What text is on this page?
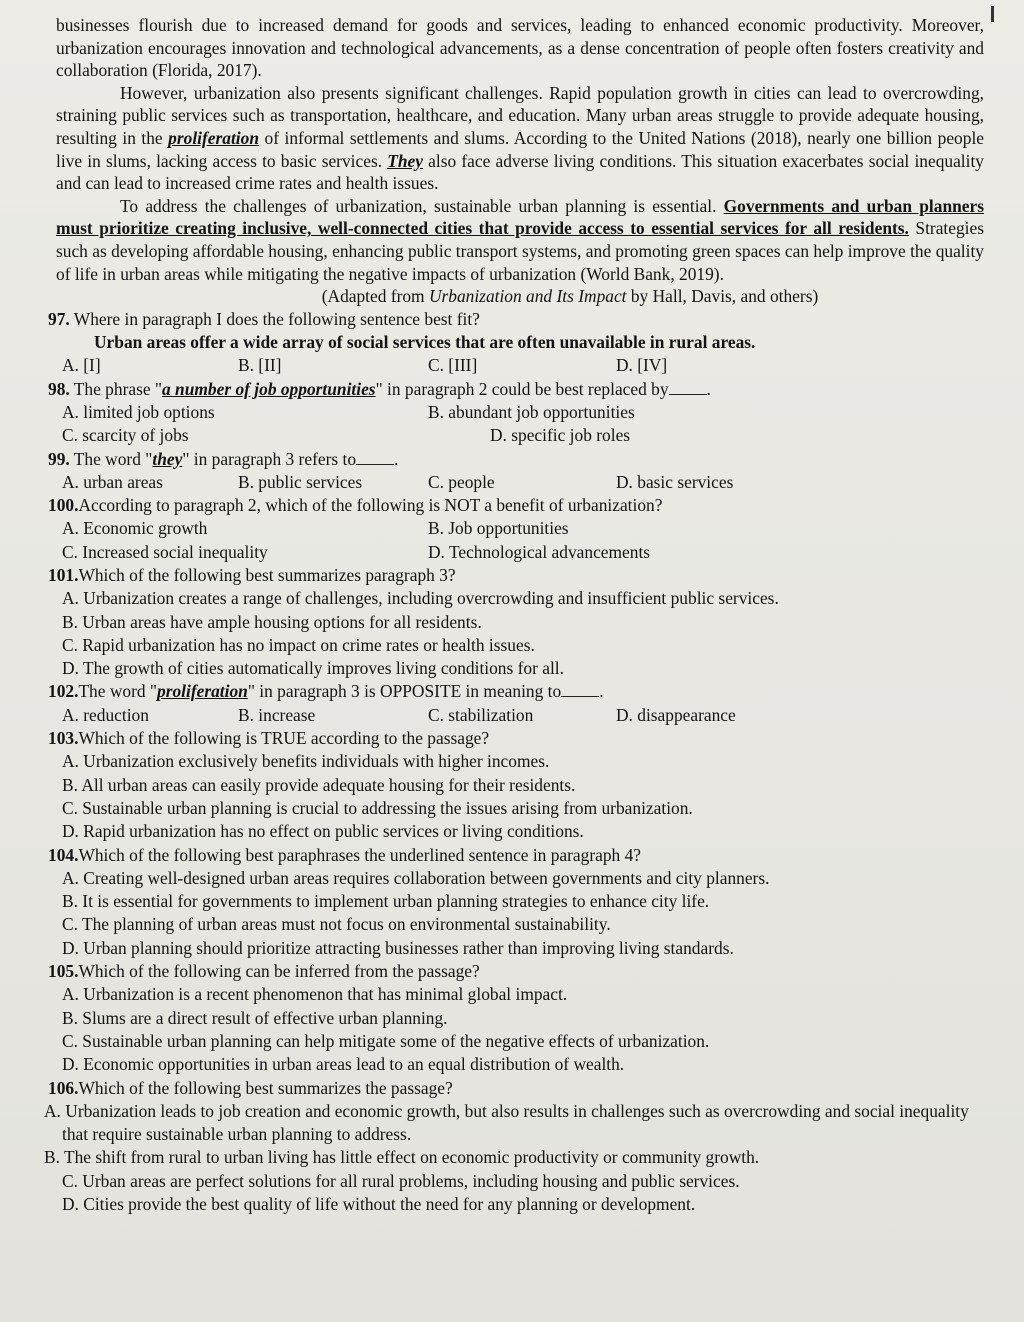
businesses flourish due to increased demand for goods and services, leading to enhanced economic productivity. Moreover, urbanization encourages innovation and technological advancements, as a dense concentration of people often fosters creativity and collaboration (Florida, 2017).

However, urbanization also presents significant challenges. Rapid population growth in cities can lead to overcrowding, straining public services such as transportation, healthcare, and education. Many urban areas struggle to provide adequate housing, resulting in the proliferation of informal settlements and slums. According to the United Nations (2018), nearly one billion people live in slums, lacking access to basic services. They also face adverse living conditions. This situation exacerbates social inequality and can lead to increased crime rates and health issues.

To address the challenges of urbanization, sustainable urban planning is essential. Governments and urban planners must prioritize creating inclusive, well-connected cities that provide access to essential services for all residents. Strategies such as developing affordable housing, enhancing public transport systems, and promoting green spaces can help improve the quality of life in urban areas while mitigating the negative impacts of urbanization (World Bank, 2019).

(Adapted from Urbanization and Its Impact by Hall, Davis, and others)

97. Where in paragraph I does the following sentence best fit?
Urban areas offer a wide array of social services that are often unavailable in rural areas.
A. [I]	B. [II]	C. [III]	D. [IV]
98. The phrase "a number of job opportunities" in paragraph 2 could be best replaced by .
A. limited job options	B. abundant job opportunities
C. scarcity of jobs	D. specific job roles
99. The word "they" in paragraph 3 refers to .
A. urban areas	B. public services	C. people	D. basic services
100.According to paragraph 2, which of the following is NOT a benefit of urbanization?
A. Economic growth	B. Job opportunities
C. Increased social inequality	D. Technological advancements
101.Which of the following best summarizes paragraph 3?
A. Urbanization creates a range of challenges, including overcrowding and insufficient public services.
B. Urban areas have ample housing options for all residents.
C. Rapid urbanization has no impact on crime rates or health issues.
D. The growth of cities automatically improves living conditions for all.
102.The word "proliferation" in paragraph 3 is OPPOSITE in meaning to .
A. reduction	B. increase	C. stabilization	D. disappearance
103.Which of the following is TRUE according to the passage?
A. Urbanization exclusively benefits individuals with higher incomes.
B. All urban areas can easily provide adequate housing for their residents.
C. Sustainable urban planning is crucial to addressing the issues arising from urbanization.
D. Rapid urbanization has no effect on public services or living conditions.
104.Which of the following best paraphrases the underlined sentence in paragraph 4?
A. Creating well-designed urban areas requires collaboration between governments and city planners.
B. It is essential for governments to implement urban planning strategies to enhance city life.
C. The planning of urban areas must not focus on environmental sustainability.
D. Urban planning should prioritize attracting businesses rather than improving living standards.
105.Which of the following can be inferred from the passage?
A. Urbanization is a recent phenomenon that has minimal global impact.
B. Slums are a direct result of effective urban planning.
C. Sustainable urban planning can help mitigate some of the negative effects of urbanization.
D. Economic opportunities in urban areas lead to an equal distribution of wealth.
106.Which of the following best summarizes the passage?
A. Urbanization leads to job creation and economic growth, but also results in challenges such as overcrowding and social inequality that require sustainable urban planning to address.
B. The shift from rural to urban living has little effect on economic productivity or community growth.
C. Urban areas are perfect solutions for all rural problems, including housing and public services.
D. Cities provide the best quality of life without the need for any planning or development.
